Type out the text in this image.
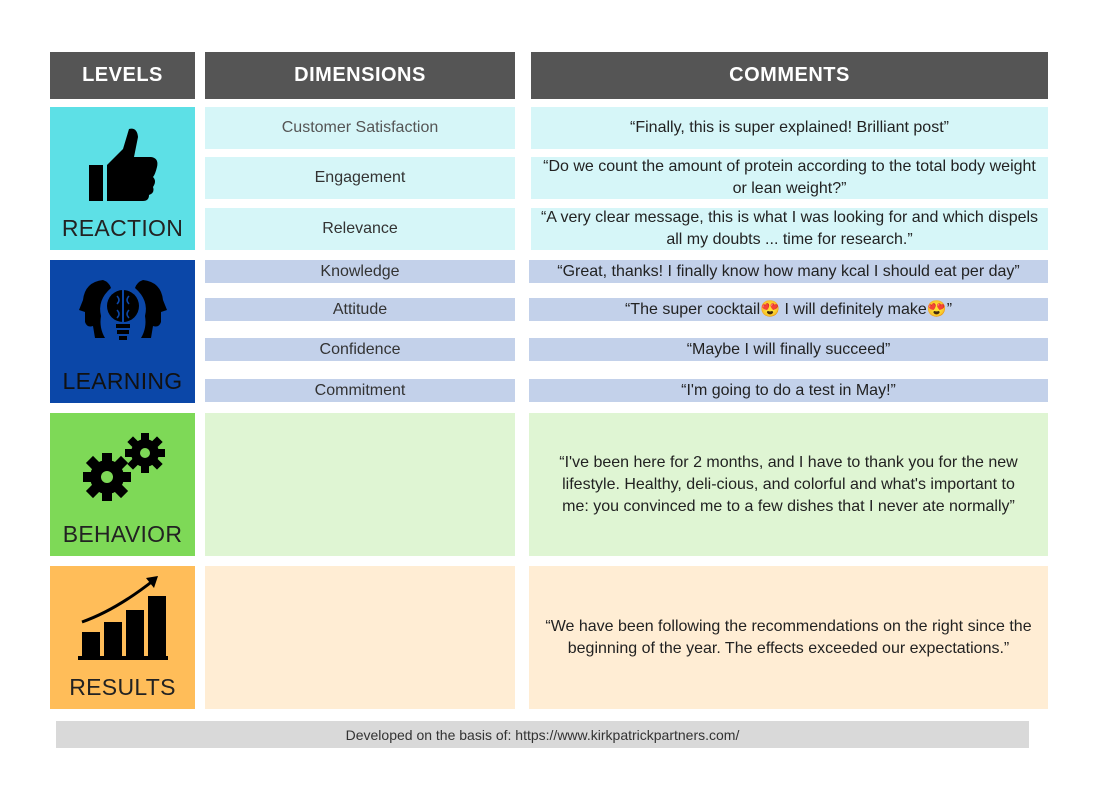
LEVELS	DIMENSIONS	COMMENTS
REACTION
LEARNING
BEHAVIOR
RESULTS
Customer Satisfaction
Engagement
Relevance
Knowledge
Attitude
Confidence
Commitment
“Finally, this is super explained! Brilliant post”
“Do we count the amount of protein according to the total body weight or lean weight?”
“A very clear message, this is what I was looking for and which dispels all my doubts ... time for research.”
“Great, thanks! I finally know how many kcal I should eat per day”
“The super cocktail😍 I will definitely make😍”
“Maybe I will finally succeed”
“I'm going to do a test in May!”
“I've been here for 2 months, and I have to thank you for the new lifestyle. Healthy, deli-cious, and colorful and what's important to me: you convinced me to a few dishes that I never ate normally”
“We have been following the recommendations on the right since the beginning of the year. The effects exceeded our expectations.”
Developed on the basis of: https://www.kirkpatrickpartners.com/
